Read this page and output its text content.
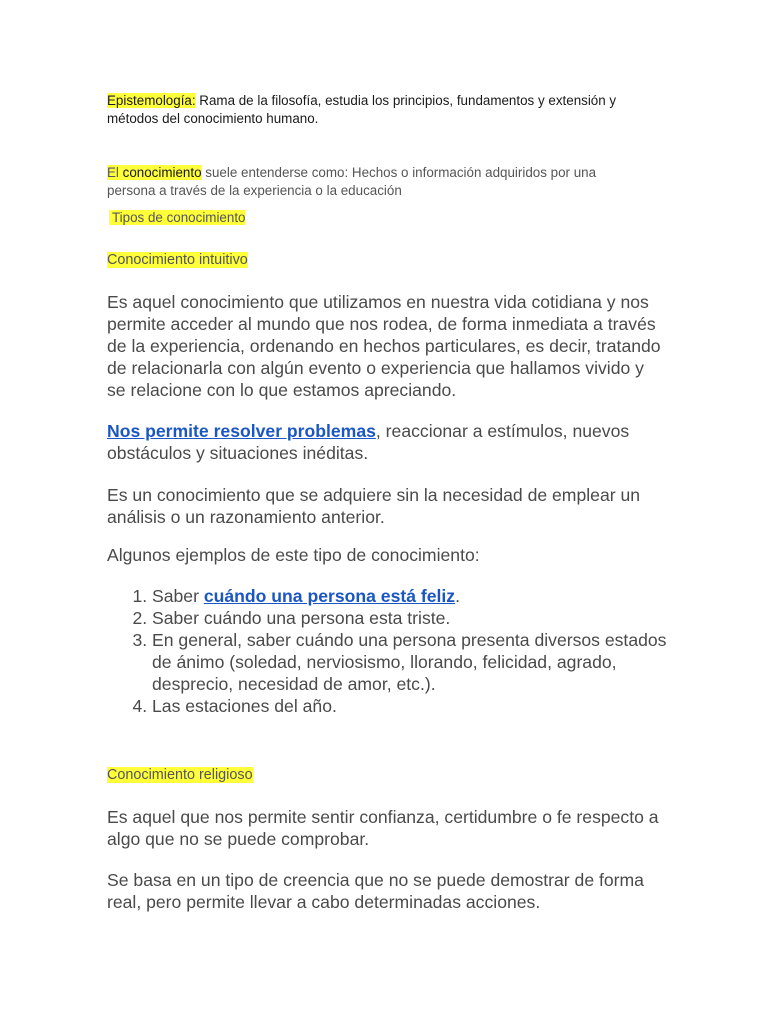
Epistemología: Rama de la filosofía, estudia los principios, fundamentos y extensión y métodos del conocimiento humano.

El conocimiento suele entenderse como: Hechos o información adquiridos por una persona a través de la experiencia o la educación

Tipos de conocimiento

Conocimiento intuitivo

Es aquel conocimiento que utilizamos en nuestra vida cotidiana y nos permite acceder al mundo que nos rodea, de forma inmediata a través de la experiencia, ordenando en hechos particulares, es decir, tratando de relacionarla con algún evento o experiencia que hallamos vivido y se relacione con lo que estamos apreciando.

Nos permite resolver problemas, reaccionar a estímulos, nuevos obstáculos y situaciones inéditas.

Es un conocimiento que se adquiere sin la necesidad de emplear un análisis o un razonamiento anterior.

Algunos ejemplos de este tipo de conocimiento:

1. Saber cuándo una persona está feliz.
2. Saber cuándo una persona esta triste.
3. En general, saber cuándo una persona presenta diversos estados de ánimo (soledad, nerviosismo, llorando, felicidad, agrado, desprecio, necesidad de amor, etc.).
4. Las estaciones del año.

Conocimiento religioso

Es aquel que nos permite sentir confianza, certidumbre o fe respecto a algo que no se puede comprobar.

Se basa en un tipo de creencia que no se puede demostrar de forma real, pero permite llevar a cabo determinadas acciones.
